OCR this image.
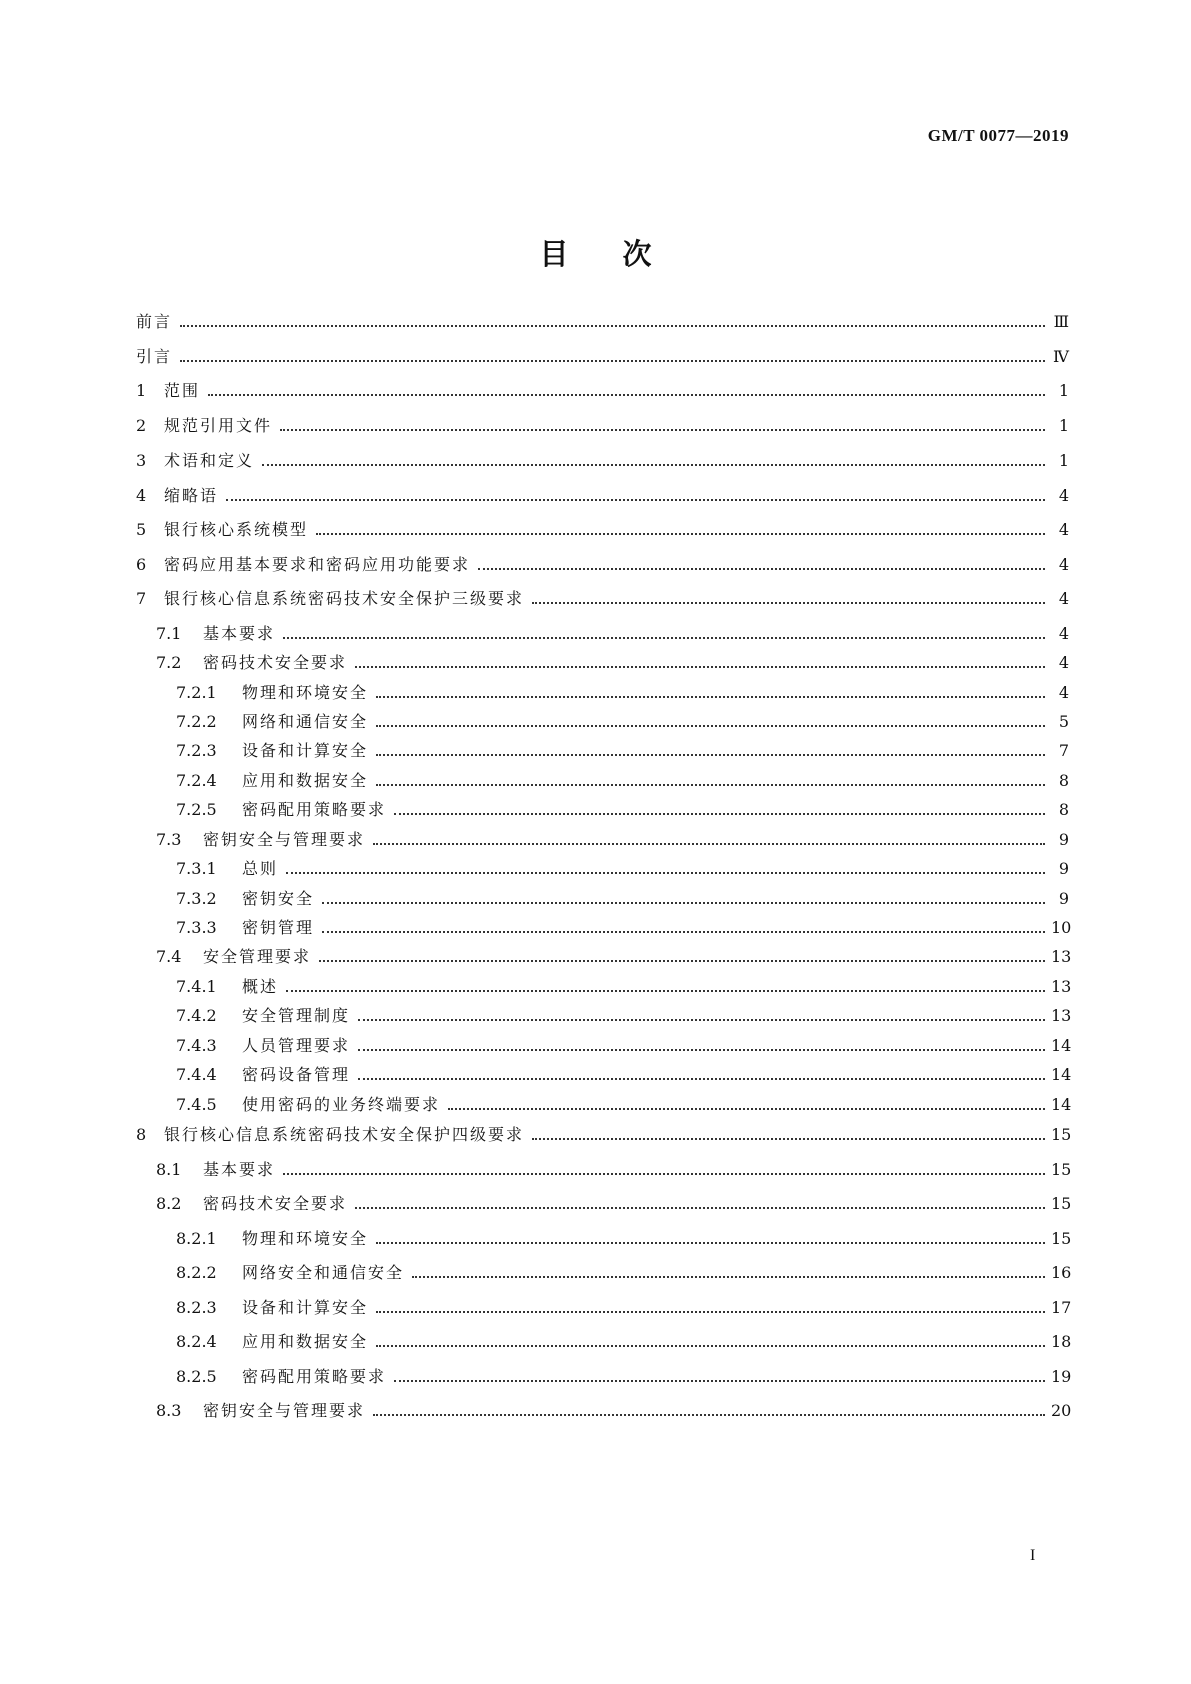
GM/T 0077—2019
目次
前言	Ⅲ
引言	Ⅳ
1	范围	1
2	规范引用文件	1
3	术语和定义	1
4	缩略语	4
5	银行核心系统模型	4
6	密码应用基本要求和密码应用功能要求	4
7	银行核心信息系统密码技术安全保护三级要求	4
7.1	基本要求	4
7.2	密码技术安全要求	4
7.2.1	物理和环境安全	4
7.2.2	网络和通信安全	5
7.2.3	设备和计算安全	7
7.2.4	应用和数据安全	8
7.2.5	密码配用策略要求	8
7.3	密钥安全与管理要求	9
7.3.1	总则	9
7.3.2	密钥安全	9
7.3.3	密钥管理	10
7.4	安全管理要求	13
7.4.1	概述	13
7.4.2	安全管理制度	13
7.4.3	人员管理要求	14
7.4.4	密码设备管理	14
7.4.5	使用密码的业务终端要求	14
8	银行核心信息系统密码技术安全保护四级要求	15
8.1	基本要求	15
8.2	密码技术安全要求	15
8.2.1	物理和环境安全	15
8.2.2	网络安全和通信安全	16
8.2.3	设备和计算安全	17
8.2.4	应用和数据安全	18
8.2.5	密码配用策略要求	19
8.3	密钥安全与管理要求	20
I
